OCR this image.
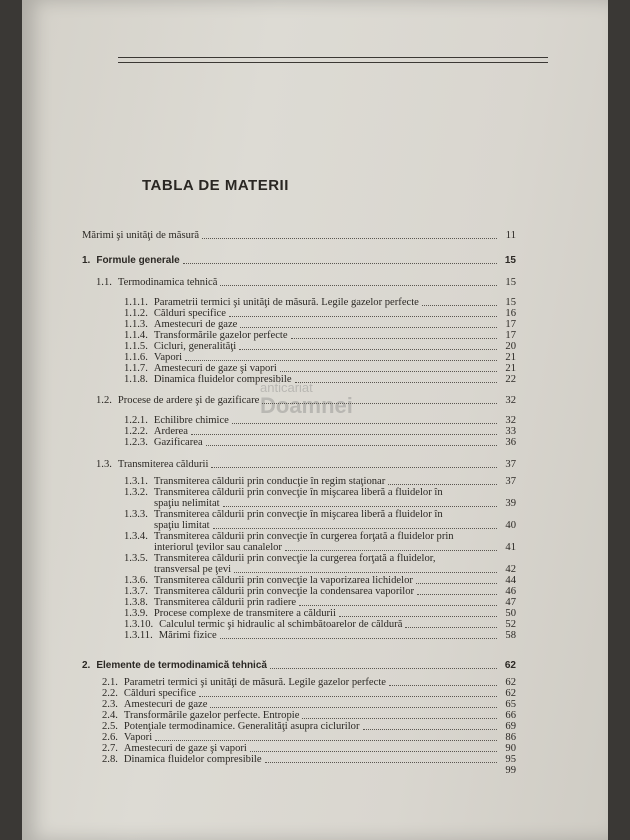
TABLA DE MATERII
anticariat
Doamnei
Mărimi şi unităţi de măsură	11
1. Formule generale	15
1.1. Termodinamica tehnică	15
1.1.1. Parametrii termici şi unităţi de măsură. Legile gazelor perfecte	15
1.1.2. Călduri specifice	16
1.1.3. Amestecuri de gaze	17
1.1.4. Transformările gazelor perfecte	17
1.1.5. Cicluri, generalităţi	20
1.1.6. Vapori	21
1.1.7. Amestecuri de gaze şi vapori	21
1.1.8. Dinamica fluidelor compresibile	22
1.2. Procese de ardere şi de gazificare	32
1.2.1. Echilibre chimice	32
1.2.2. Arderea	33
1.2.3. Gazificarea	36
1.3. Transmiterea căldurii	37
1.3.1. Transmiterea căldurii prin conducţie în regim staţionar	37
1.3.2. Transmiterea căldurii prin convecţie în mişcarea liberă a fluidelor în
spaţiu nelimitat	39
1.3.3. Transmiterea căldurii prin convecţie în mişcarea liberă a fluidelor în
spaţiu limitat	40
1.3.4. Transmiterea căldurii prin convecţie în curgerea forţată a fluidelor prin
interiorul ţevilor sau canalelor	41
1.3.5. Transmiterea căldurii prin convecţie la curgerea forţată a fluidelor,
transversal pe ţevi	42
1.3.6. Transmiterea căldurii prin convecţie la vaporizarea lichidelor	44
1.3.7. Transmiterea căldurii prin convecţie la condensarea vaporilor	46
1.3.8. Transmiterea căldurii prin radiere	47
1.3.9. Procese complexe de transmitere a căldurii	50
1.3.10. Calculul termic şi hidraulic al schimbătoarelor de căldură	52
1.3.11. Mărimi fizice	58
2. Elemente de termodinamică tehnică	62
2.1. Parametri termici şi unităţi de măsură. Legile gazelor perfecte	62
2.2. Călduri specifice	62
2.3. Amestecuri de gaze	65
2.4. Transformările gazelor perfecte. Entropie	66
2.5. Potenţiale termodinamice. Generalităţi asupra ciclurilor	69
2.6. Vapori	86
2.7. Amestecuri de gaze şi vapori	90
2.8. Dinamica fluidelor compresibile	95
99
